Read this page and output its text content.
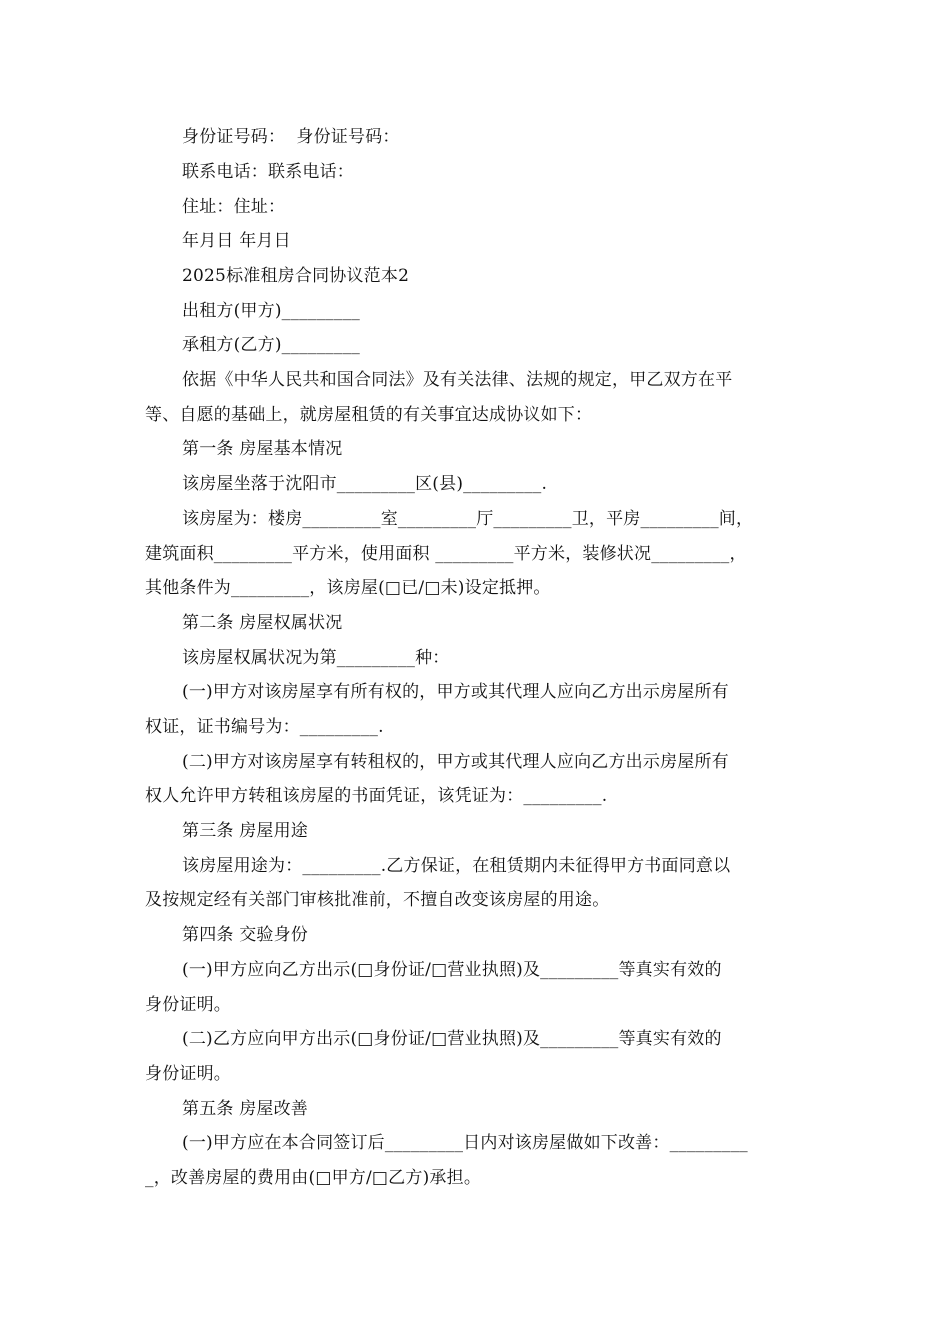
身份证号码：  身份证号码：
联系电话：联系电话：
住址：住址：
年月日 年月日
2025标准租房合同协议范本2
出租方(甲方)_________
承租方(乙方)_________
依据《中华人民共和国合同法》及有关法律、法规的规定，甲乙双方在平
等、自愿的基础上，就房屋租赁的有关事宜达成协议如下：
第一条 房屋基本情况
该房屋坐落于沈阳市_________区(县)_________.
该房屋为：楼房_________室_________厅_________卫，平房_________间，
建筑面积_________平方米，使用面积 _________平方米，装修状况_________，
其他条件为_________，该房屋(□已/□未)设定抵押。
第二条 房屋权属状况
该房屋权属状况为第_________种：
(一)甲方对该房屋享有所有权的，甲方或其代理人应向乙方出示房屋所有
权证，证书编号为：_________.
(二)甲方对该房屋享有转租权的，甲方或其代理人应向乙方出示房屋所有
权人允许甲方转租该房屋的书面凭证，该凭证为：_________.
第三条 房屋用途
该房屋用途为：_________.乙方保证，在租赁期内未征得甲方书面同意以
及按规定经有关部门审核批准前，不擅自改变该房屋的用途。
第四条 交验身份
(一)甲方应向乙方出示(□身份证/□营业执照)及_________等真实有效的
身份证明。
(二)乙方应向甲方出示(□身份证/□营业执照)及_________等真实有效的
身份证明。
第五条 房屋改善
(一)甲方应在本合同签订后_________日内对该房屋做如下改善：_________
_，改善房屋的费用由(□甲方/□乙方)承担。
